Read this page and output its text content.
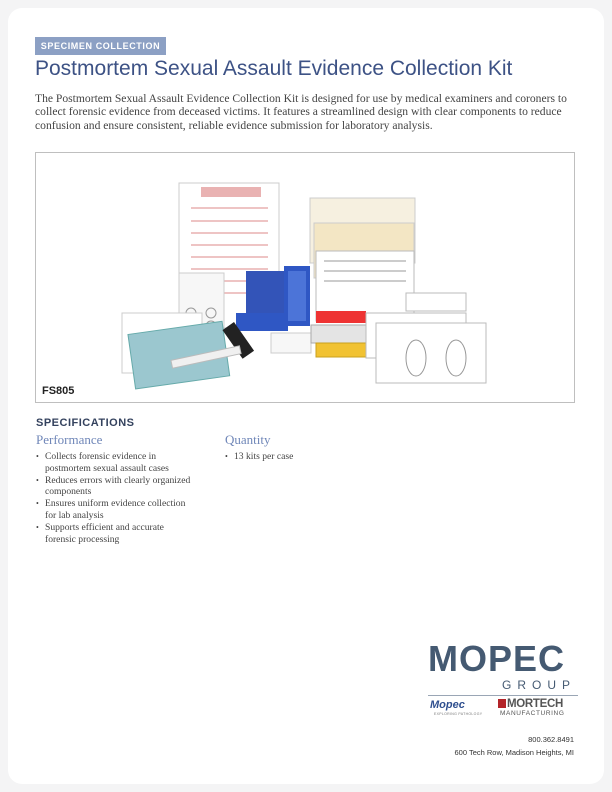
SPECIMEN COLLECTION
Postmortem Sexual Assault Evidence Collection Kit

The Postmortem Sexual Assault Evidence Collection Kit is designed for use by medical examiners and coroners to collect forensic evidence from deceased victims. It features a streamlined design with clear components to reduce confusion and ensure consistent, reliable evidence submission for laboratory analysis.

FS805
SPECIFICATIONS
Performance
• Collects forensic evidence in postmortem sexual assault cases
• Reduces errors with clearly organized components
• Ensures uniform evidence collection for lab analysis
• Supports efficient and accurate forensic processing
Quantity
• 13 kits per case
MOPEC
GROUP
Mopec
EXPLORING PATHOLOGY
MORTECH
MANUFACTURING
800.362.8491
600 Tech Row, Madison Heights, MI
